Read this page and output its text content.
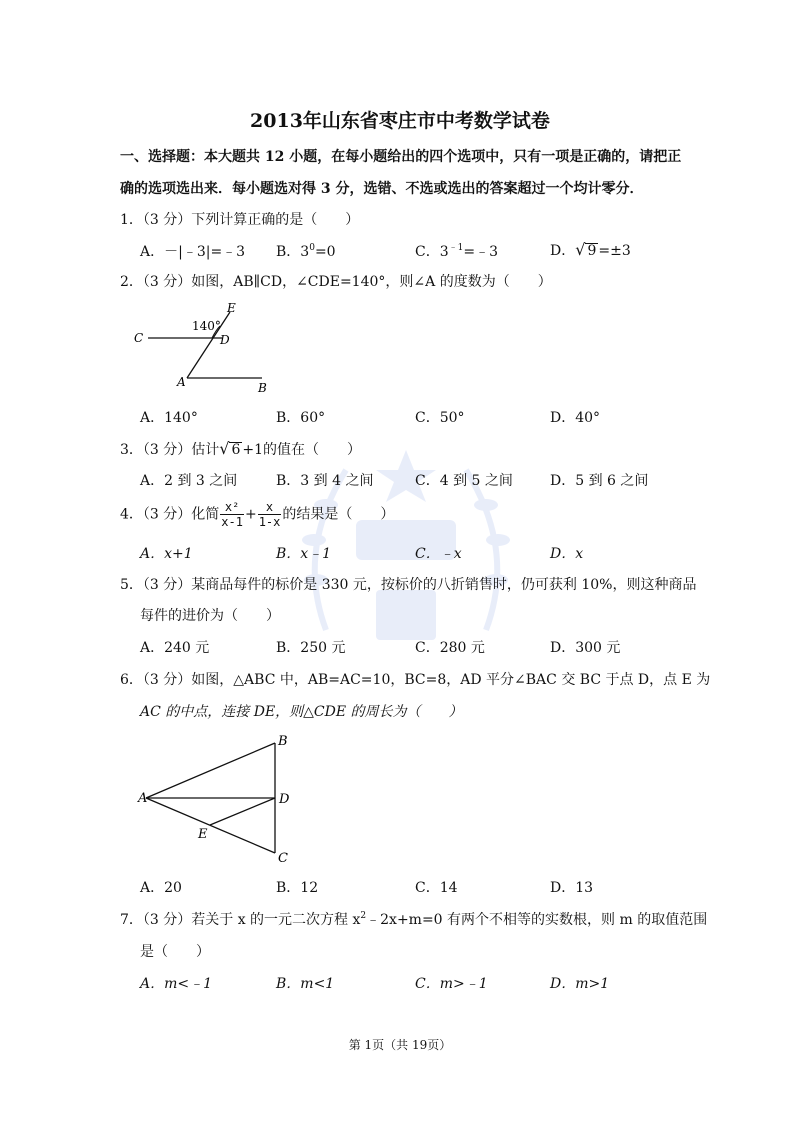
2013年山东省枣庄市中考数学试卷
一、选择题：本大题共 12 小题，在每小题给出的四个选项中，只有一项是正确的，请把正
确的选项选出来．每小题选对得 3 分，选错、不选或选出的答案超过一个均计零分．
1．（3 分）下列计算正确的是（　　）
A．－|﹣3|=﹣3 B．$3^0=0$	C．$3^{﹣1}=﹣3$	D．√ 9 =±3
2．（3 分）如图，AB∥CD，∠CDE=140°，则∠A 的度数为（　　）
C
140°
E
D
A	B
A．140°	B．60°	C．50°	D．40°
3．（3 分）估计√ 6 +1的值在（　　）
A．2 到 3 之间	B．3 到 4 之间	C．4 到 5 之间	D．5 到 6 之间
4．（3 分）化简 $\frac{\text{x²}}{x-1} + \frac{x}{1-x}$ 的结果是（　　）
A．x+1	B．x﹣1	C．﹣x	D．x
5．（3 分）某商品每件的标价是 330 元，按标价的八折销售时，仍可获利 10%，则这种商品
每件的进价为（　　）
A．240 元	B．250 元	C．280 元	D．300 元
6．（3 分）如图，△ABC 中，AB=AC=10，BC=8，AD 平分∠BAC 交 BC 于点 D，点 E 为
AC 的中点，连接 DE，则△CDE 的周长为（　　）
A
B
D
E
C
A．20	B．12	C．14	D．13
7．（3 分）若关于 x 的一元二次方程 $x^2﹣2x+m=0$ 有两个不相等的实数根，则 m 的取值范围
是（　　）
A．m<﹣1	B．m<1	C．m>﹣1	D．m>1
第 1页（共 19页）
